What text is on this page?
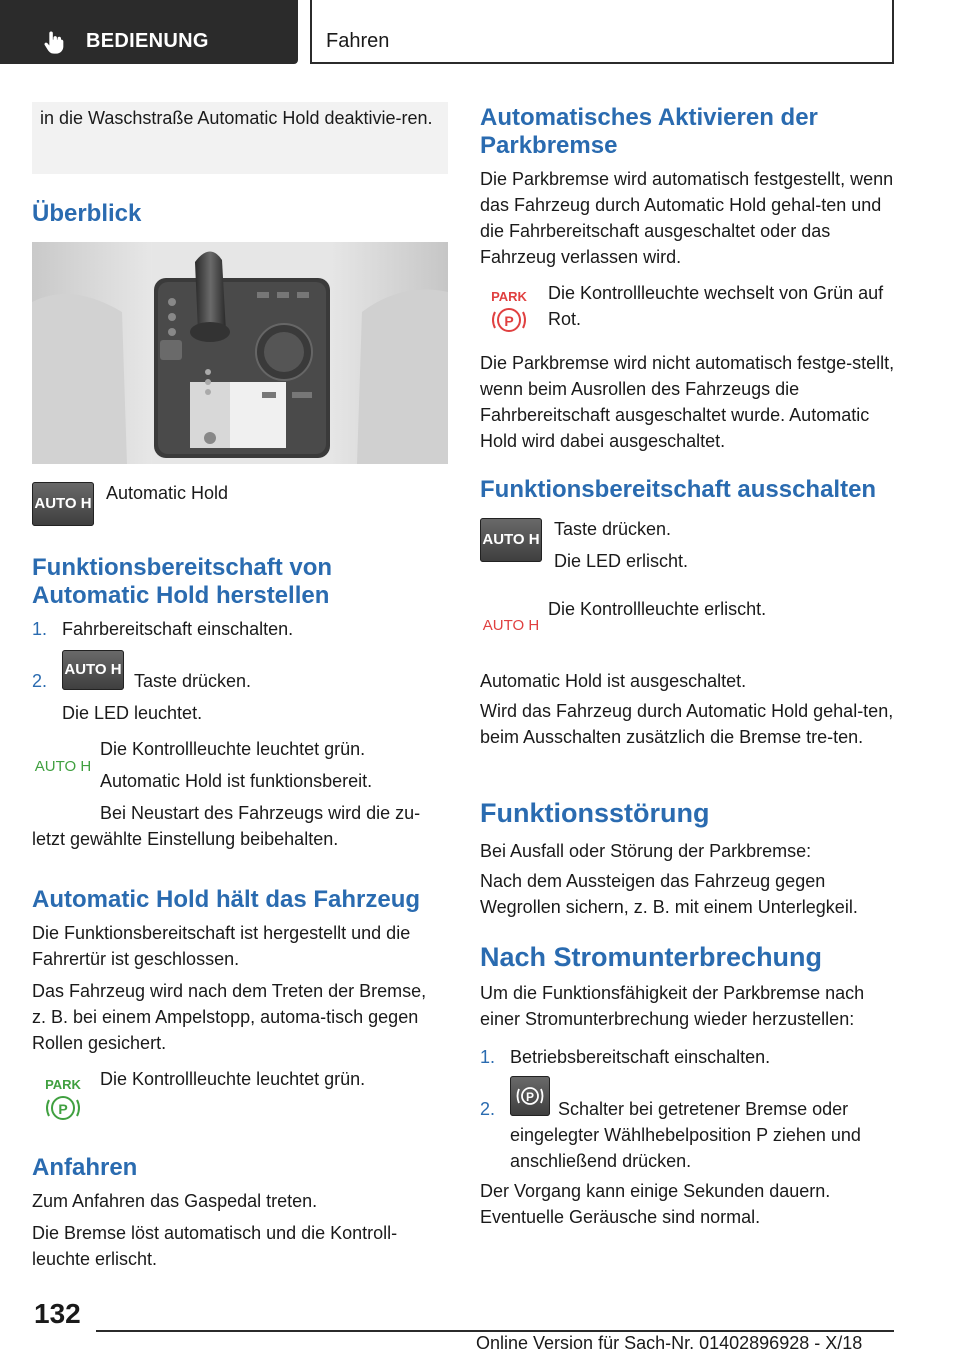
BEDIENUNG	Fahren

in die Waschstraße Automatic Hold deaktivie-ren.

Überblick
AUTO H

Automatic Hold

Funktionsbereitschaft von Automatic Hold herstellen
1. Fahrbereitschaft einschalten.

2.
AUTO H

Taste drücken.

Die LED leuchtet.

AUTO H

Die Kontrollleuchte leuchtet grün.

Automatic Hold ist funktionsbereit.

Bei Neustart des Fahrzeugs wird die zu-letzt gewählte Einstellung beibehalten.

Automatic Hold hält das Fahrzeug

Die Funktionsbereitschaft ist hergestellt und die Fahrertür ist geschlossen.

Das Fahrzeug wird nach dem Treten der Bremse, z. B. bei einem Ampelstopp, automa-tisch gegen Rollen gesichert.

PARK
P

Die Kontrollleuchte leuchtet grün.

Anfahren

Zum Anfahren das Gaspedal treten.

Die Bremse löst automatisch und die Kontroll-leuchte erlischt.

Automatisches Aktivieren der Parkbremse

Die Parkbremse wird automatisch festgestellt, wenn das Fahrzeug durch Automatic Hold gehal-ten und die Fahrbereitschaft ausgeschaltet oder das Fahrzeug verlassen wird.

PARK
P

Die Kontrollleuchte wechselt von Grün auf Rot.

Die Parkbremse wird nicht automatisch festge-stellt, wenn beim Ausrollen des Fahrzeugs die Fahrbereitschaft ausgeschaltet wurde. Automatic Hold wird dabei ausgeschaltet.

Funktionsbereitschaft ausschalten
AUTO H

Taste drücken.

Die LED erlischt.

AUTO H

Die Kontrollleuchte erlischt.

Automatic Hold ist ausgeschaltet.

Wird das Fahrzeug durch Automatic Hold gehal-ten, beim Ausschalten zusätzlich die Bremse tre-ten.

Funktionsstörung

Bei Ausfall oder Störung der Parkbremse:

Nach dem Aussteigen das Fahrzeug gegen Wegrollen sichern, z. B. mit einem Unterlegkeil.

Nach Stromunterbrechung

Um die Funktionsfähigkeit der Parkbremse nach einer Stromunterbrechung wieder herzustellen:

1. Betriebsbereitschaft einschalten.

2.
P

Schalter bei getretener Bremse oder eingelegter Wählhebelposition P ziehen und anschließend drücken.

Der Vorgang kann einige Sekunden dauern. Eventuelle Geräusche sind normal.

132
Online Version für Sach-Nr. 01402896928 - X/18
